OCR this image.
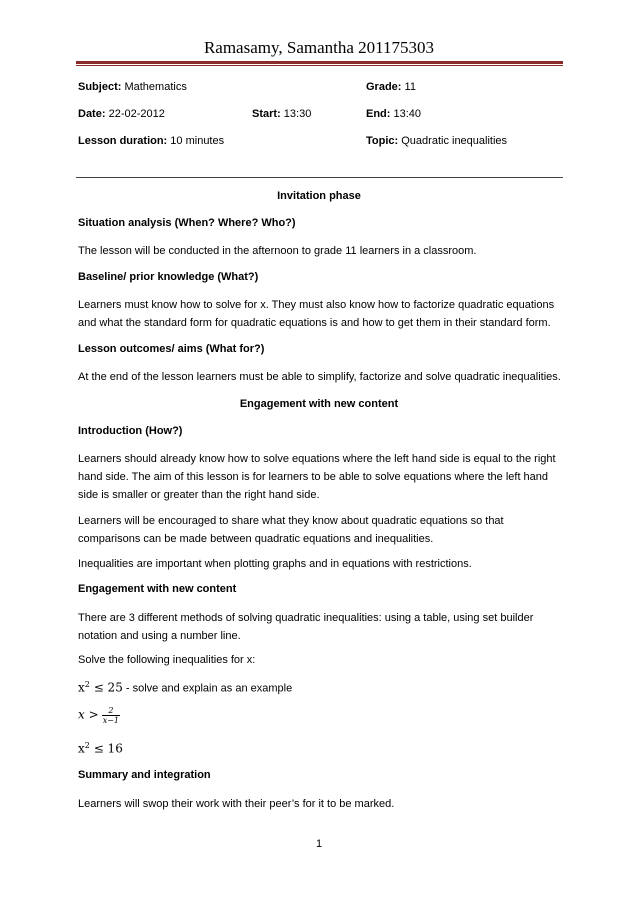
Ramasamy, Samantha 201175303
Subject: Mathematics	Grade: 11
Date: 22-02-2012	Start: 13:30	End: 13:40
Lesson duration: 10 minutes	Topic: Quadratic inequalities
Invitation phase
Situation analysis (When? Where? Who?)
The lesson will be conducted in the afternoon to grade 11 learners in a classroom.
Baseline/ prior knowledge (What?)
Learners must know how to solve for x. They must also know how to factorize quadratic equations and what the standard form for quadratic equations is and how to get them in their standard form.
Lesson outcomes/ aims (What for?)
At the end of the lesson learners must be able to simplify, factorize and solve quadratic inequalities.
Engagement with new content
Introduction (How?)
Learners should already know how to solve equations where the left hand side is equal to the right hand side. The aim of this lesson is for learners to be able to solve equations where the left hand side is smaller or greater than the right hand side.
Learners will be encouraged to share what they know about quadratic equations so that comparisons can be made between quadratic equations and inequalities.
Inequalities are important when plotting graphs and in equations with restrictions.
Engagement with new content
There are 3 different methods of solving quadratic inequalities: using a table, using set builder notation and using a number line.
Solve the following inequalities for x:
$x^2 \le 25$ - solve and explain as an example
$x > \frac{2}{x-1}$
$x^2 \le 16$
Summary and integration
Learners will swop their work with their peer’s for it to be marked.
1
